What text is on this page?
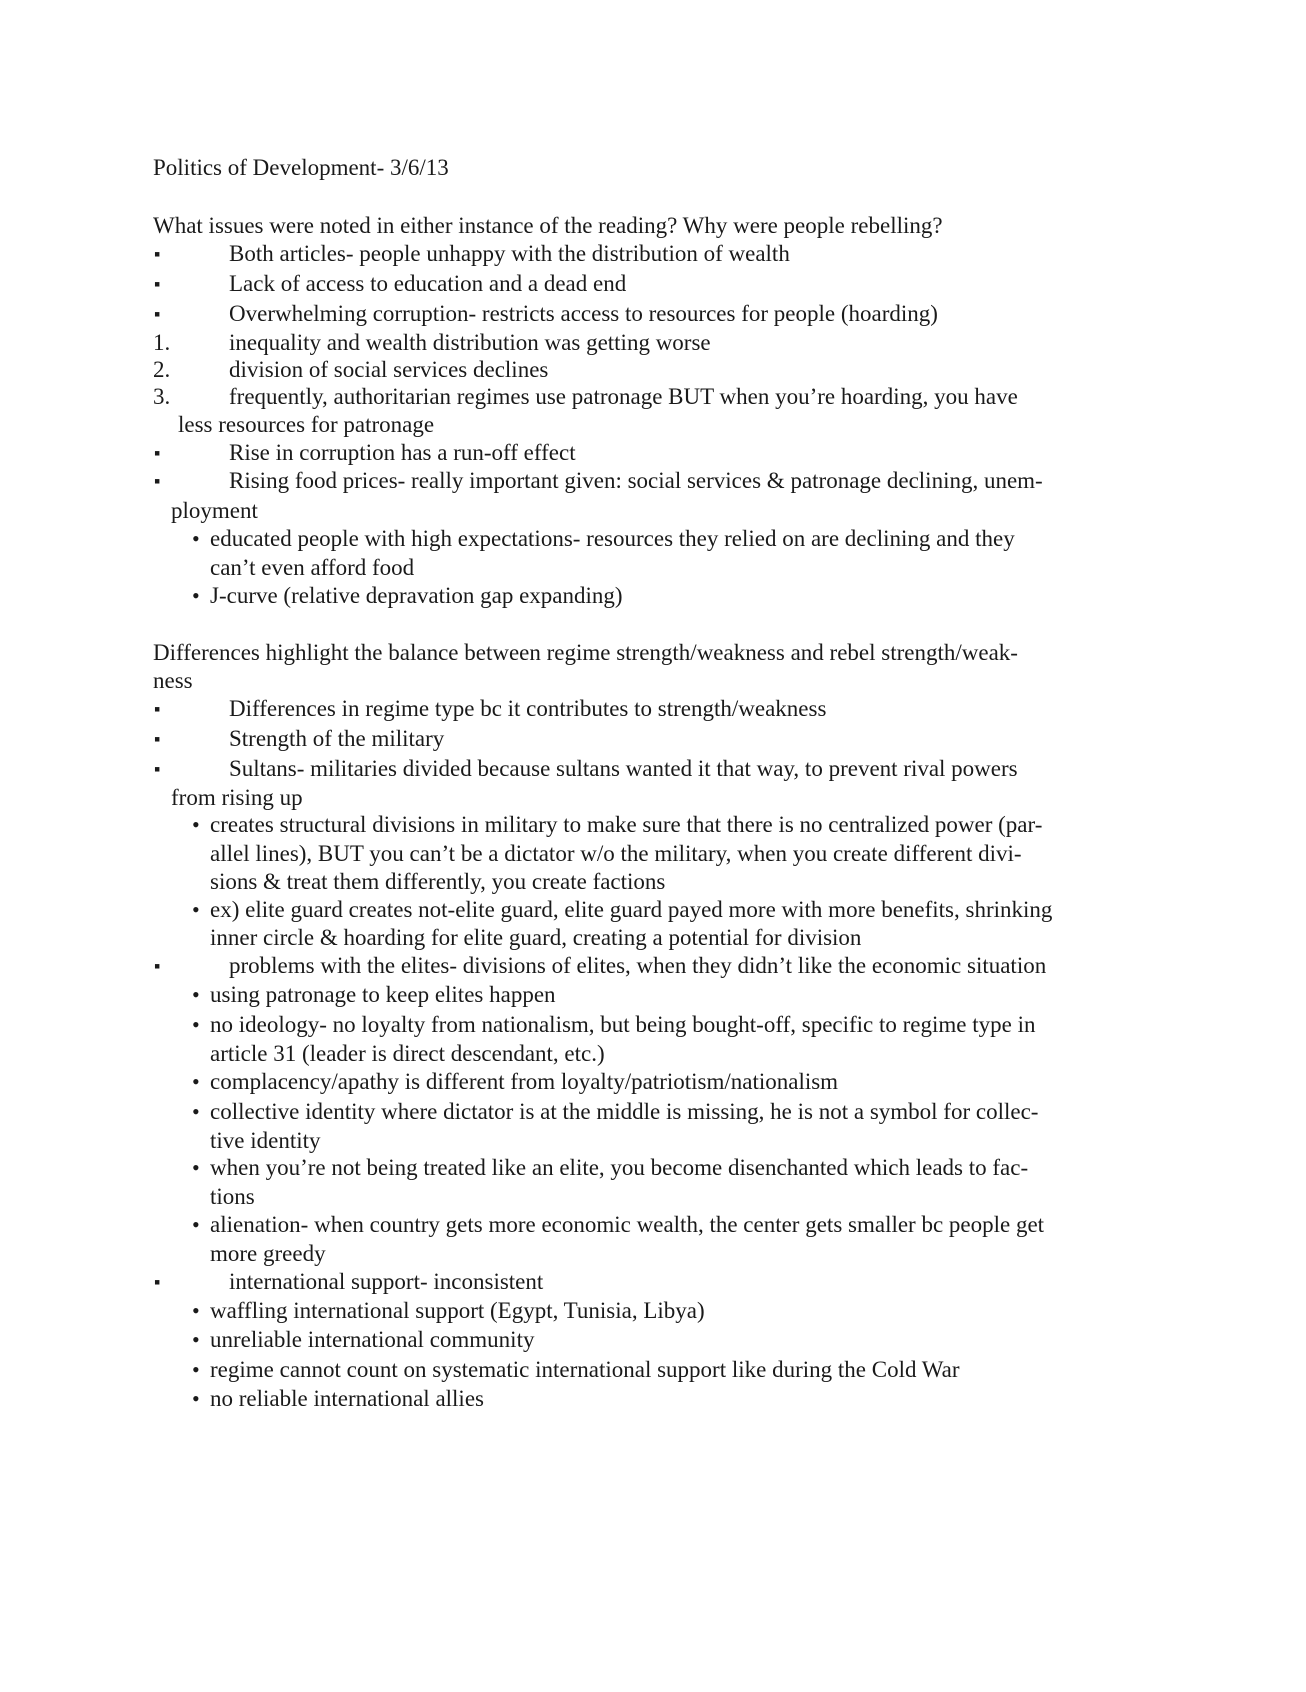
Politics of Development- 3/6/13
What issues were noted in either instance of the reading? Why were people rebelling?
▪	Both articles- people unhappy with the distribution of wealth
▪	Lack of access to education and a dead end
▪	Overwhelming corruption- restricts access to resources for people (hoarding)
1.	inequality and wealth distribution was getting worse
2.	division of social services declines
3.	frequently, authoritarian regimes use patronage BUT when you’re hoarding, you have
less resources for patronage
▪	Rise in corruption has a run-off effect
▪	Rising food prices- really important given: social services & patronage declining, unem-
ployment
• educated people with high expectations- resources they relied on are declining and they
can’t even afford food
• J-curve (relative depravation gap expanding)
Differences highlight the balance between regime strength/weakness and rebel strength/weak-
ness
▪	Differences in regime type bc it contributes to strength/weakness
▪	Strength of the military
▪	Sultans- militaries divided because sultans wanted it that way, to prevent rival powers
from rising up
• creates structural divisions in military to make sure that there is no centralized power (par-
allel lines), BUT you can’t be a dictator w/o the military, when you create different divi-
sions & treat them differently, you create factions
• ex) elite guard creates not-elite guard, elite guard payed more with more benefits, shrinking
inner circle & hoarding for elite guard, creating a potential for division
▪	problems with the elites- divisions of elites, when they didn’t like the economic situation
• using patronage to keep elites happen
• no ideology- no loyalty from nationalism, but being bought-off, specific to regime type in
article 31 (leader is direct descendant, etc.)
• complacency/apathy is different from loyalty/patriotism/nationalism
• collective identity where dictator is at the middle is missing, he is not a symbol for collec-
tive identity
• when you’re not being treated like an elite, you become disenchanted which leads to fac-
tions
• alienation- when country gets more economic wealth, the center gets smaller bc people get
more greedy
▪	international support- inconsistent
• waffling international support (Egypt, Tunisia, Libya)
• unreliable international community
• regime cannot count on systematic international support like during the Cold War
• no reliable international allies
